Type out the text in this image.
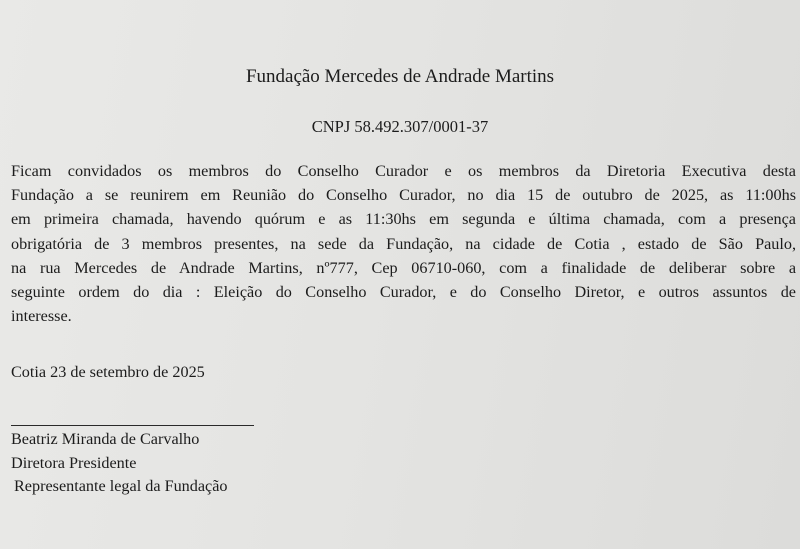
Fundação Mercedes de Andrade Martins
CNPJ 58.492.307/0001-37
Ficam convidados os membros do Conselho Curador e os membros da Diretoria Executiva desta
Fundação a se reunirem em Reunião do Conselho Curador, no dia 15 de outubro de 2025, as 11:00hs
em primeira chamada, havendo quórum e as 11:30hs em segunda e última chamada, com a presença
obrigatória de 3 membros presentes, na sede da Fundação, na cidade de Cotia , estado de São Paulo,
na rua Mercedes de Andrade Martins, nº777, Cep 06710-060, com a finalidade de deliberar sobre a
seguinte ordem do dia : Eleição do Conselho Curador, e do Conselho Diretor, e outros assuntos de
interesse.
Cotia 23 de setembro de 2025
Beatriz Miranda de Carvalho
Diretora Presidente
Representante legal da Fundação
